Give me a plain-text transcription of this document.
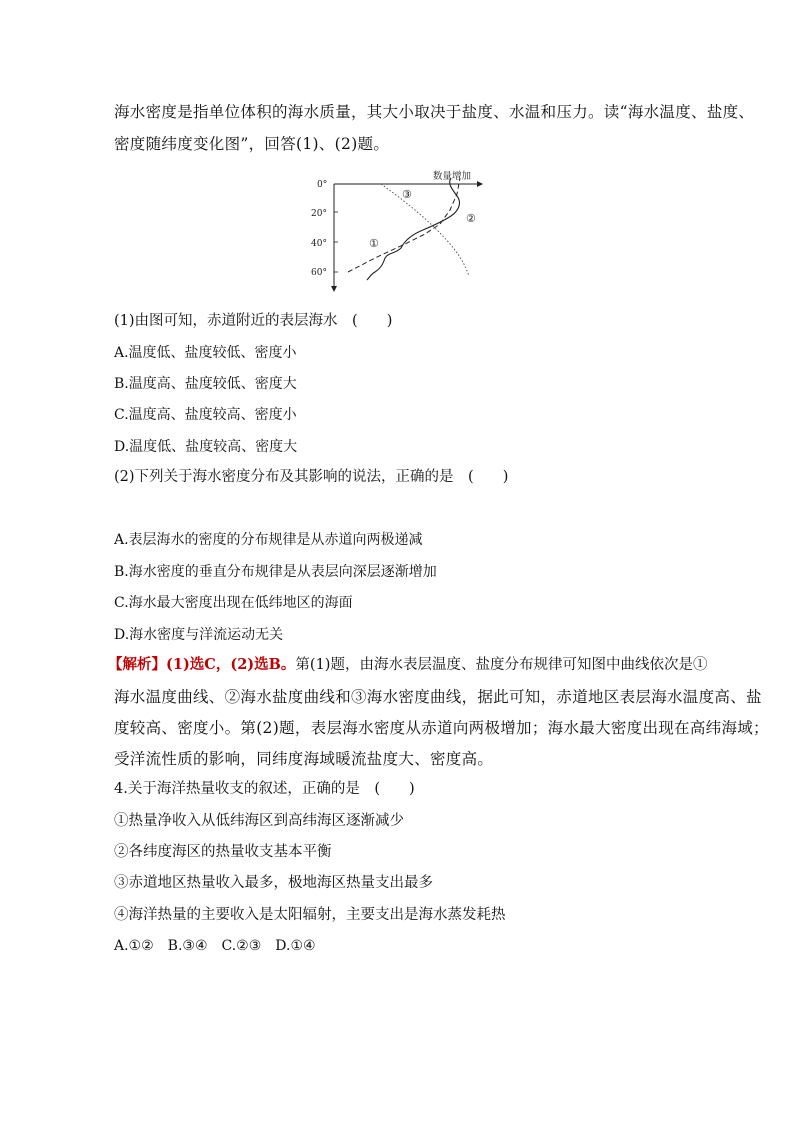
海水密度是指单位体积的海水质量，其大小取决于盐度、水温和压力。读“海水温度、盐度、
密度随纬度变化图”，回答(1)、(2)题。
0°
20°
40°
60°
数量增加
①
②
③
(1)由图可知，赤道附近的表层海水　(　　)
A.温度低、盐度较低、密度小
B.温度高、盐度较低、密度大
C.温度高、盐度较高、密度小
D.温度低、盐度较高、密度大
(2)下列关于海水密度分布及其影响的说法，正确的是　(　　)
A.表层海水的密度的分布规律是从赤道向两极递减
B.海水密度的垂直分布规律是从表层向深层逐渐增加
C.海水最大密度出现在低纬地区的海面
D.海水密度与洋流运动无关
【解析】(1)选C，(2)选B。第(1)题，由海水表层温度、盐度分布规律可知图中曲线依次是①
海水温度曲线、②海水盐度曲线和③海水密度曲线，据此可知，赤道地区表层海水温度高、盐
度较高、密度小。第(2)题，表层海水密度从赤道向两极增加；海水最大密度出现在高纬海域；
受洋流性质的影响，同纬度海域暖流盐度大、密度高。
4.关于海洋热量收支的叙述，正确的是　(　　)
①热量净收入从低纬海区到高纬海区逐渐减少
②各纬度海区的热量收支基本平衡
③赤道地区热量收入最多，极地海区热量支出最多
④海洋热量的主要收入是太阳辐射，主要支出是海水蒸发耗热
A.①②　B.③④　C.②③　D.①④
